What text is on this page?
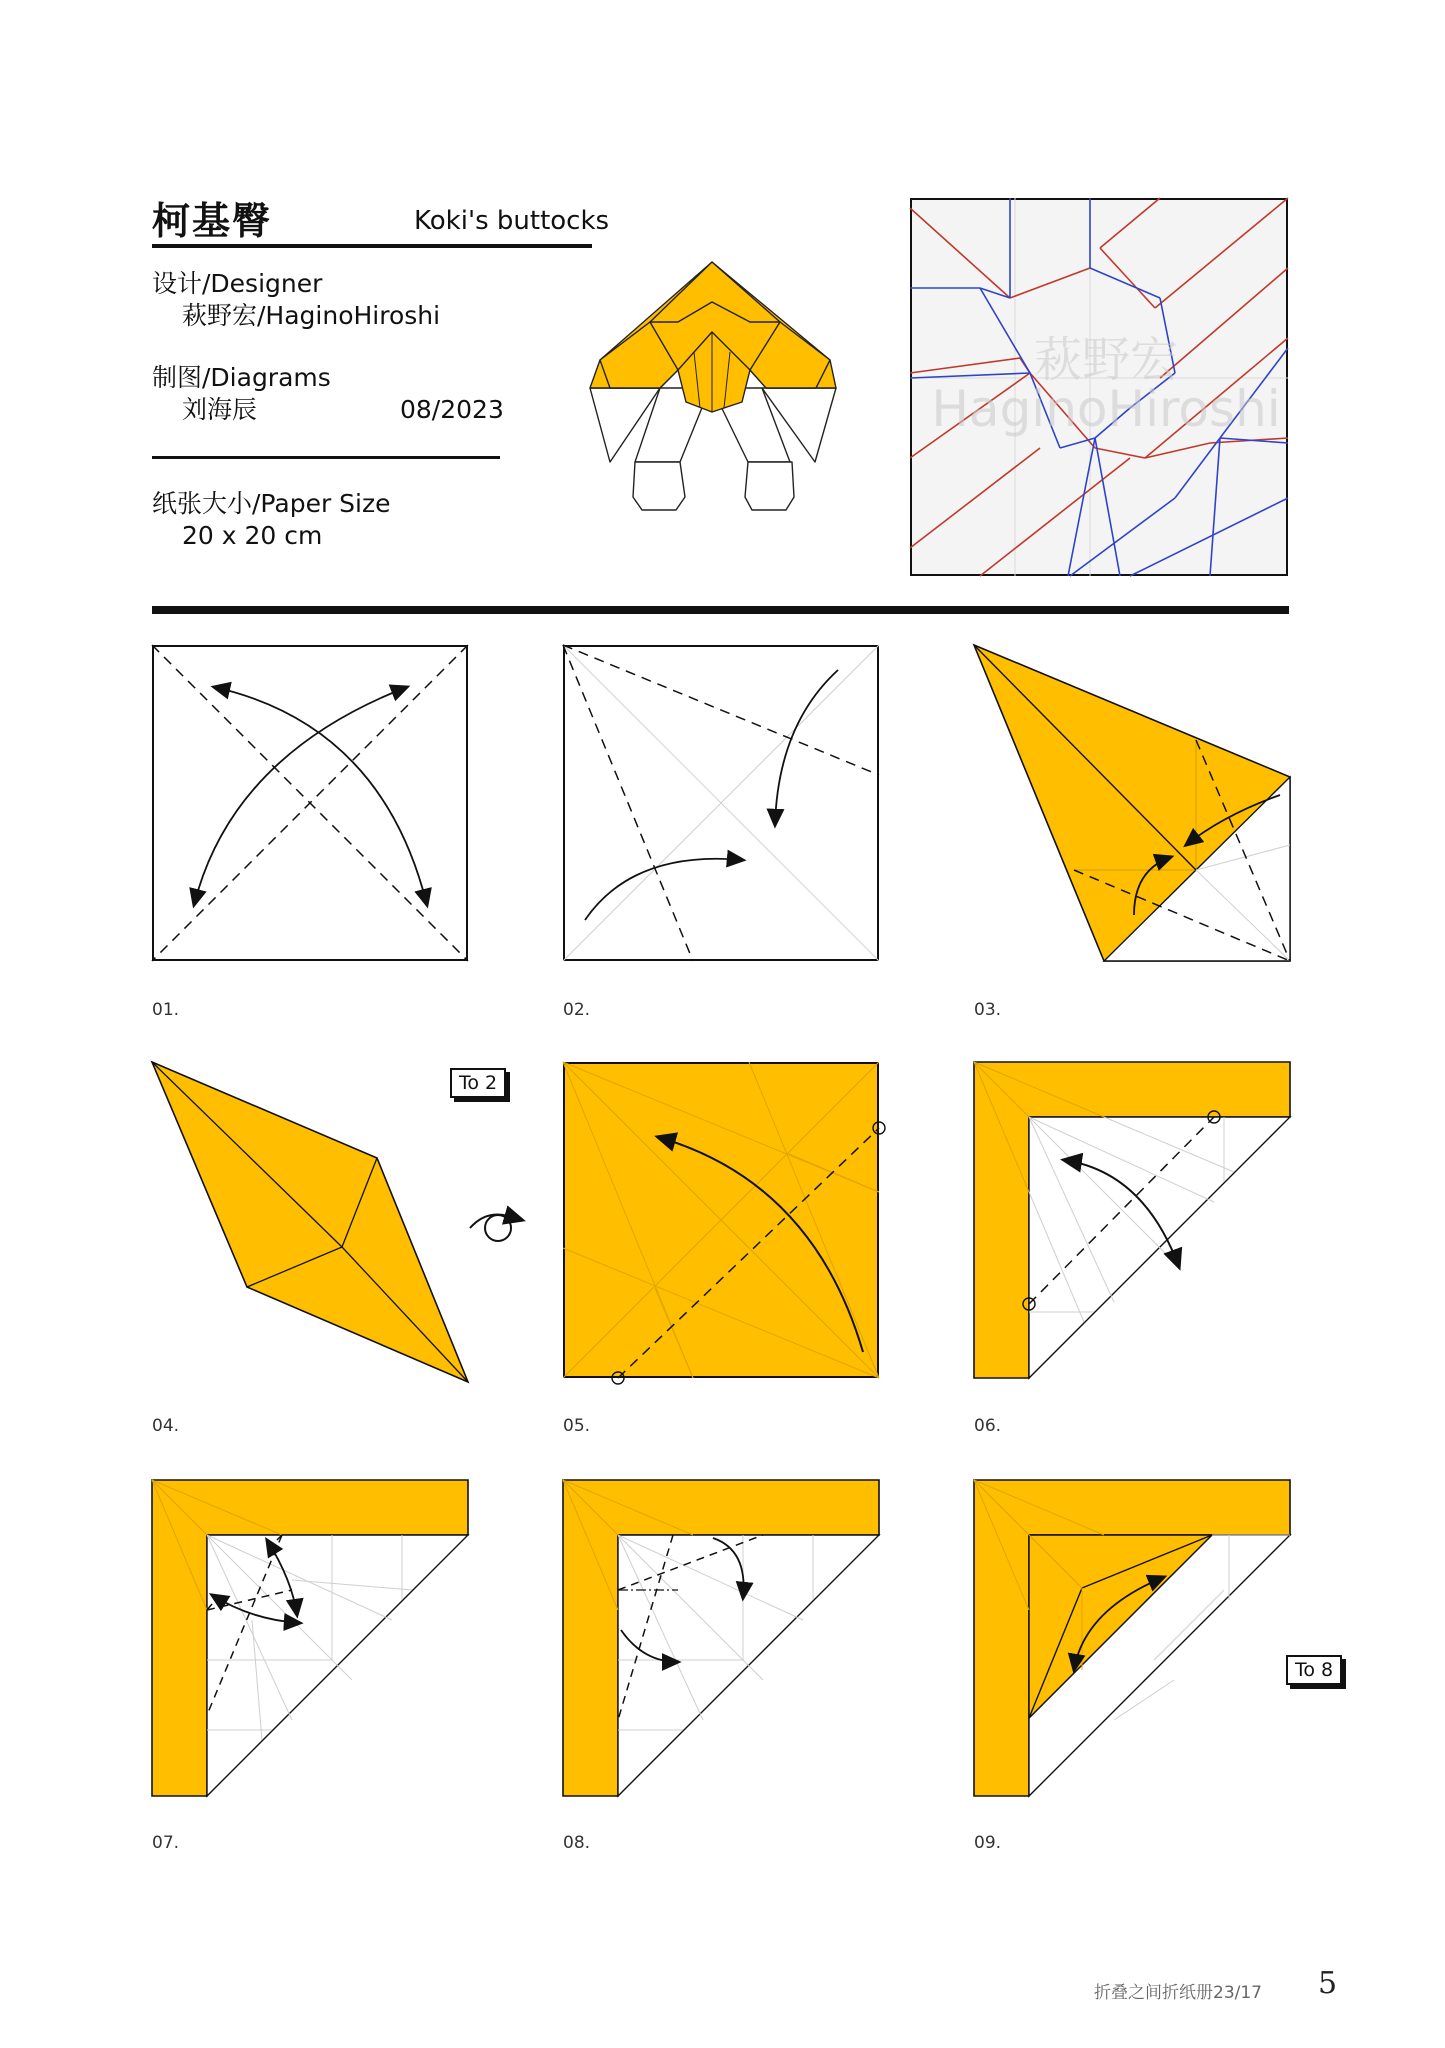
柯基臀	Koki's buttocks
设计/Designer
萩野宏/HaginoHiroshi
制图/Diagrams
刘海辰	08/2023
纸张大小/Paper Size
20 x 20 cm
萩野宏
HaginoHiroshi
01.	02.	03.
04.
To 2
05.	06.
07.	08.	09.
To 8
折叠之间折纸册23/17 5
